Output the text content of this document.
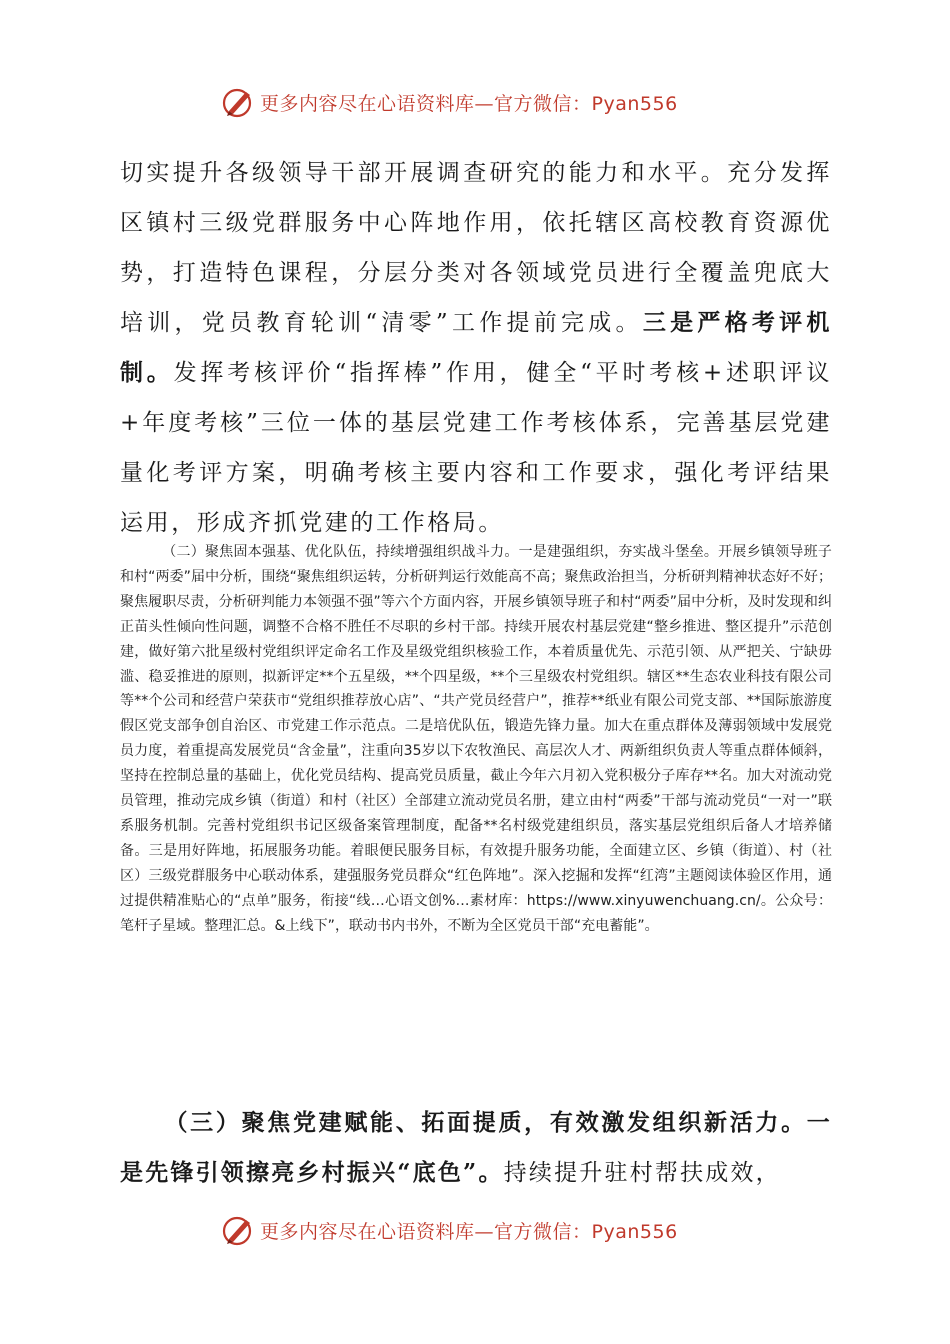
更多内容尽在心语资料库—官方微信：Pyan556

切实提升各级领导干部开展调查研究的能力和水平。充分发挥区镇村三级党群服务中心阵地作用，依托辖区高校教育资源优势，打造特色课程，分层分类对各领域党员进行全覆盖兜底大培训，党员教育轮训“清零”工作提前完成。三是严格考评机制。发挥考核评价“指挥棒”作用，健全“平时考核+述职评议+年度考核”三位一体的基层党建工作考核体系，完善基层党建量化考评方案，明确考核主要内容和工作要求，强化考评结果运用，形成齐抓党建的工作格局。

（二）聚焦固本强基、优化队伍，持续增强组织战斗力。一是建强组织，夯实战斗堡垒。开展乡镇领导班子和村“两委”届中分析，围绕“聚焦组织运转，分析研判运行效能高不高；聚焦政治担当，分析研判精神状态好不好；聚焦履职尽责，分析研判能力本领强不强”等六个方面内容，开展乡镇领导班子和村“两委”届中分析，及时发现和纠正苗头性倾向性问题，调整不合格不胜任不尽职的乡村干部。持续开展农村基层党建“整乡推进、整区提升”示范创建，做好第六批星级村党组织评定命名工作及星级党组织核验工作，本着质量优先、示范引领、从严把关、宁缺毋滥、稳妥推进的原则，拟新评定**个五星级，**个四星级，**个三星级农村党组织。辖区**生态农业科技有限公司等**个公司和经营户荣获市“党组织推荐放心店”、“共产党员经营户”，推荐**纸业有限公司党支部、**国际旅游度假区党支部争创自治区、市党建工作示范点。二是培优队伍，锻造先锋力量。加大在重点群体及薄弱领域中发展党员力度，着重提高发展党员“含金量”，注重向35岁以下农牧渔民、高层次人才、两新组织负责人等重点群体倾斜，坚持在控制总量的基础上，优化党员结构、提高党员质量，截止今年六月初入党积极分子库存**名。加大对流动党员管理，推动完成乡镇（街道）和村（社区）全部建立流动党员名册，建立由村“两委”干部与流动党员“一对一”联系服务机制。完善村党组织书记区级备案管理制度，配备**名村级党建组织员，落实基层党组织后备人才培养储备。三是用好阵地，拓展服务功能。着眼便民服务目标，有效提升服务功能，全面建立区、乡镇（街道）、村（社区）三级党群服务中心联动体系，建强服务党员群众“红色阵地”。深入挖掘和发挥“红湾”主题阅读体验区作用，通过提供精准贴心的“点单”服务，衔接“线…心语文创%…素材库：https://www.xinyuwenchuang.cn/。公众号：笔杆子星域。整理汇总。&上线下”，联动书内书外，不断为全区党员干部“充电蓄能”。

（三）聚焦党建赋能、拓面提质，有效激发组织新活力。一是先锋引领擦亮乡村振兴“底色”。持续提升驻村帮扶成效，

更多内容尽在心语资料库—官方微信：Pyan556
